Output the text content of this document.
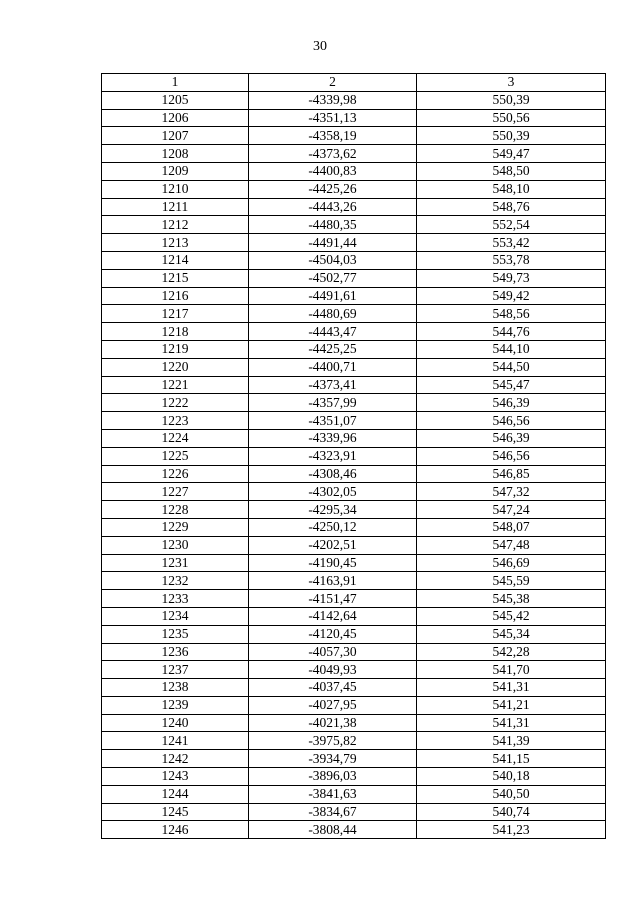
30
1	2	3
1205	-4339,98	550,39
1206	-4351,13	550,56
1207	-4358,19	550,39
1208	-4373,62	549,47
1209	-4400,83	548,50
1210	-4425,26	548,10
1211	-4443,26	548,76
1212	-4480,35	552,54
1213	-4491,44	553,42
1214	-4504,03	553,78
1215	-4502,77	549,73
1216	-4491,61	549,42
1217	-4480,69	548,56
1218	-4443,47	544,76
1219	-4425,25	544,10
1220	-4400,71	544,50
1221	-4373,41	545,47
1222	-4357,99	546,39
1223	-4351,07	546,56
1224	-4339,96	546,39
1225	-4323,91	546,56
1226	-4308,46	546,85
1227	-4302,05	547,32
1228	-4295,34	547,24
1229	-4250,12	548,07
1230	-4202,51	547,48
1231	-4190,45	546,69
1232	-4163,91	545,59
1233	-4151,47	545,38
1234	-4142,64	545,42
1235	-4120,45	545,34
1236	-4057,30	542,28
1237	-4049,93	541,70
1238	-4037,45	541,31
1239	-4027,95	541,21
1240	-4021,38	541,31
1241	-3975,82	541,39
1242	-3934,79	541,15
1243	-3896,03	540,18
1244	-3841,63	540,50
1245	-3834,67	540,74
1246	-3808,44	541,23
